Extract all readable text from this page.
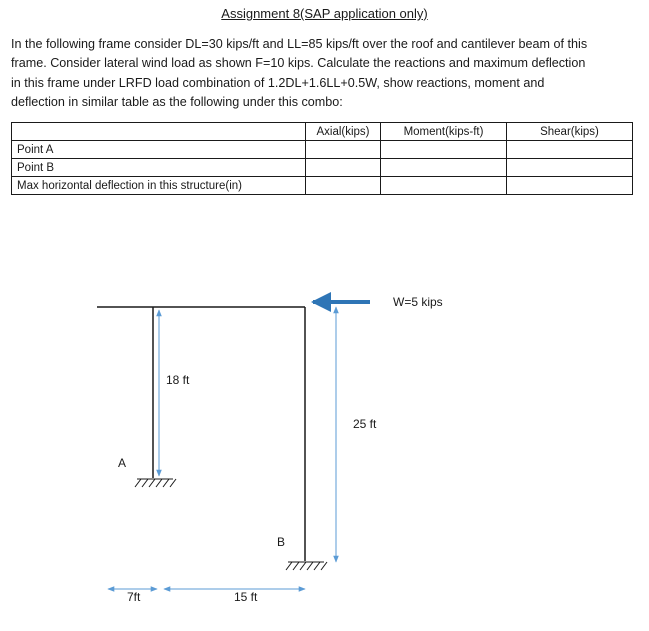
Assignment 8(SAP application only)
In the following frame consider DL=30 kips/ft and LL=85 kips/ft over the roof and cantilever beam of this
frame. Consider lateral wind load as shown F=10 kips. Calculate the reactions and maximum deflection
in this frame under LRFD load combination of 1.2DL+1.6LL+0.5W, show reactions, moment and
deflection in similar table as the following under this combo:
	Axial(kips)	Moment(kips-ft)	Shear(kips)
Point A			
Point B			
Max horizontal deflection in this structure(in)			
W=5 kips
18 ft
25 ft
A
B
7ft	15 ft
